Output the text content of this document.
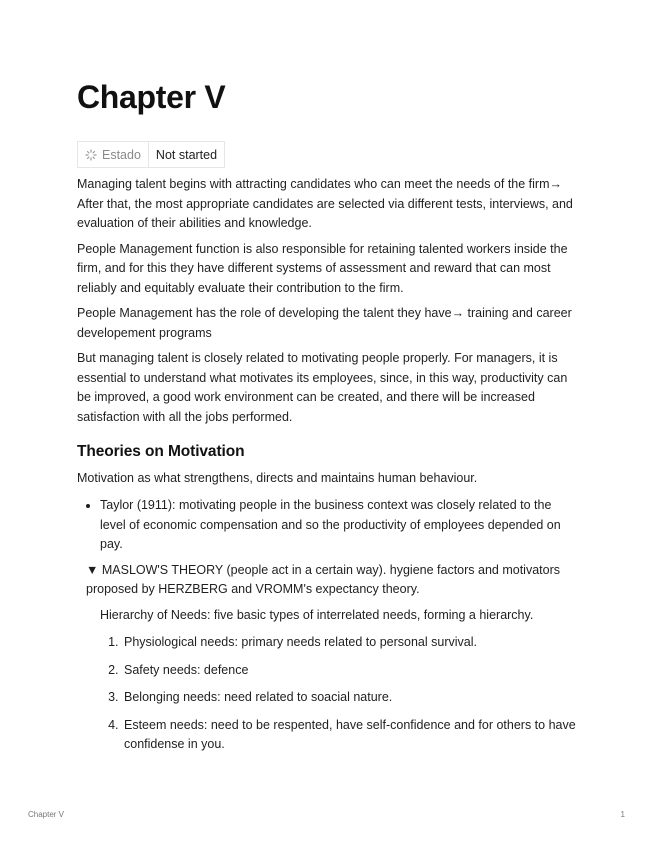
Chapter V
Estado	Not started

Managing talent begins with attracting candidates who can meet the needs of the firm→ After that, the most appropriate candidates are selected via different tests, interviews, and evaluation of their abilities and knowledge.

People Management function is also responsible for retaining talented workers inside the firm, and for this they have different systems of assessment and reward that can most reliably and equitably evaluate their contribution to the firm.

People Management has the role of developing the talent they have→ training and career developement programs

But managing talent is closely related to motivating people properly. For managers, it is essential to understand what motivates its employees, since, in this way, productivity can be improved, a good work environment can be created, and there will be increased satisfaction with all the jobs performed.

Theories on Motivation

Motivation as what strengthens, directs and maintains human behaviour.

• Taylor (1911): motivating people in the business context was closely related to the level of economic compensation and so the productivity of employees depended on pay.
▼ MASLOW'S THEORY (people act in a certain way). hygiene factors and motivators proposed by HERZBERG and VROMM's expectancy theory.
Hierarchy of Needs: five basic types of interrelated needs, forming a hierarchy.
1. Physiological needs: primary needs related to personal survival.
2. Safety needs: defence
3. Belonging needs: need related to soacial nature.
4. Esteem needs: need to be respented, have self-confidence and for others to have confidense in you.
Chapter V	1
